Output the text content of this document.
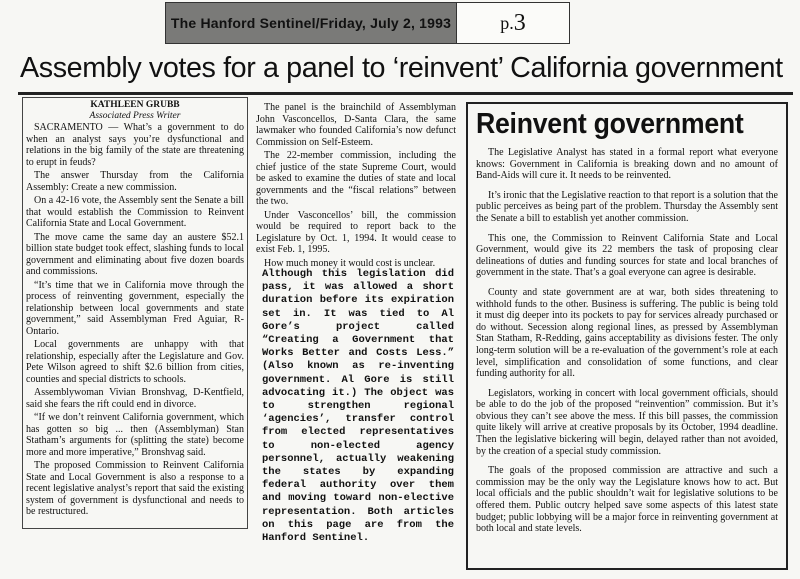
The Hanford Sentinel/Friday, July 2, 1993	p. 3
Assembly votes for a panel to ‘reinvent’ California government
KATHLEEN GRUBB
Associated Press Writer

SACRAMENTO — What’s a government to do when an analyst says you’re dysfunctional and relations in the big family of the state are threatening to erupt in feuds?

The answer Thursday from the California Assembly: Create a new commission.

On a 42-16 vote, the Assembly sent the Senate a bill that would establish the Commission to Reinvent California State and Local Government.

The move came the same day an austere $52.1 billion state budget took effect, slashing funds to local government and eliminating about five dozen boards and commissions.

“It’s time that we in California move through the process of reinventing government, especially the relationship between local governments and state government,” said Assemblyman Fred Aguiar, R-Ontario.

Local governments are unhappy with that relationship, especially after the Legislature and Gov. Pete Wilson agreed to shift $2.6 billion from cities, counties and special districts to schools.

Assemblywoman Vivian Bronshvag, D-Kentfield, said she fears the rift could end in divorce.

“If we don’t reinvent California government, which has gotten so big ... then (Assemblyman) Stan Statham’s arguments for (splitting the state) become more and more imperative,” Bronshvag said.

The proposed Commission to Reinvent California State and Local Government is also a response to a recent legislative analyst’s report that said the existing system of government is dysfunctional and needs to be restructured.

The panel is the brainchild of Assemblyman John Vasconcellos, D-Santa Clara, the same lawmaker who founded California’s now defunct Commission on Self-Esteem.

The 22-member commission, including the chief justice of the state Supreme Court, would be asked to examine the duties of state and local governments and the “fiscal relations” between the two.

Under Vasconcellos’ bill, the commission would be required to report back to the Legislature by Oct. 1, 1994. It would cease to exist Feb. 1, 1995.

How much money it would cost is unclear.

Although this legislation did pass, it was allowed a short duration before its expiration set in. It was tied to Al Gore’s project called “Creating a Government that Works Better and Costs Less.” (Also known as re-inventing government. Al Gore is still advocating it.) The object was to strengthen regional ‘agencies’, transfer control from elected representatives to non-elected agency personnel, actually weakening the states by expanding federal authority over them and moving toward non-elective representation. Both articles on this page are from the Hanford Sentinel.

Reinvent government

The Legislative Analyst has stated in a formal report what everyone knows: Government in California is breaking down and no amount of Band-Aids will cure it. It needs to be reinvented.

It’s ironic that the Legislative reaction to that report is a solution that the public perceives as being part of the problem. Thursday the Assembly sent the Senate a bill to establish yet another commission.

This one, the Commission to Reinvent California State and Local Government, would give its 22 members the task of proposing clear delineations of duties and funding sources for state and local branches of government in the state. That’s a goal everyone can agree is desirable.

County and state government are at war, both sides threatening to withhold funds to the other. Business is suffering. The public is being told it must dig deeper into its pockets to pay for services already purchased or do without. Secession along regional lines, as pressed by Assemblyman Stan Statham, R-Redding, gains acceptability as divisions fester. The only long-term solution will be a re-evaluation of the government’s role at each level, simplification and consolidation of some functions, and clear funding authority for all.

Legislators, working in concert with local government officials, should be able to do the job of the proposed “reinvention” commission. But it’s obvious they can’t see above the mess. If this bill passes, the commission quite likely will arrive at creative proposals by its October, 1994 deadline. Then the legislative bickering will begin, delayed rather than not avoided, by the creation of a special study commission.

The goals of the proposed commission are attractive and such a commission may be the only way the Legislature knows how to act. But local officials and the public shouldn’t wait for legislative solutions to be offered them. Public outcry helped save some aspects of this latest state budget; public lobbying will be a major force in reinventing government at both local and state levels.
